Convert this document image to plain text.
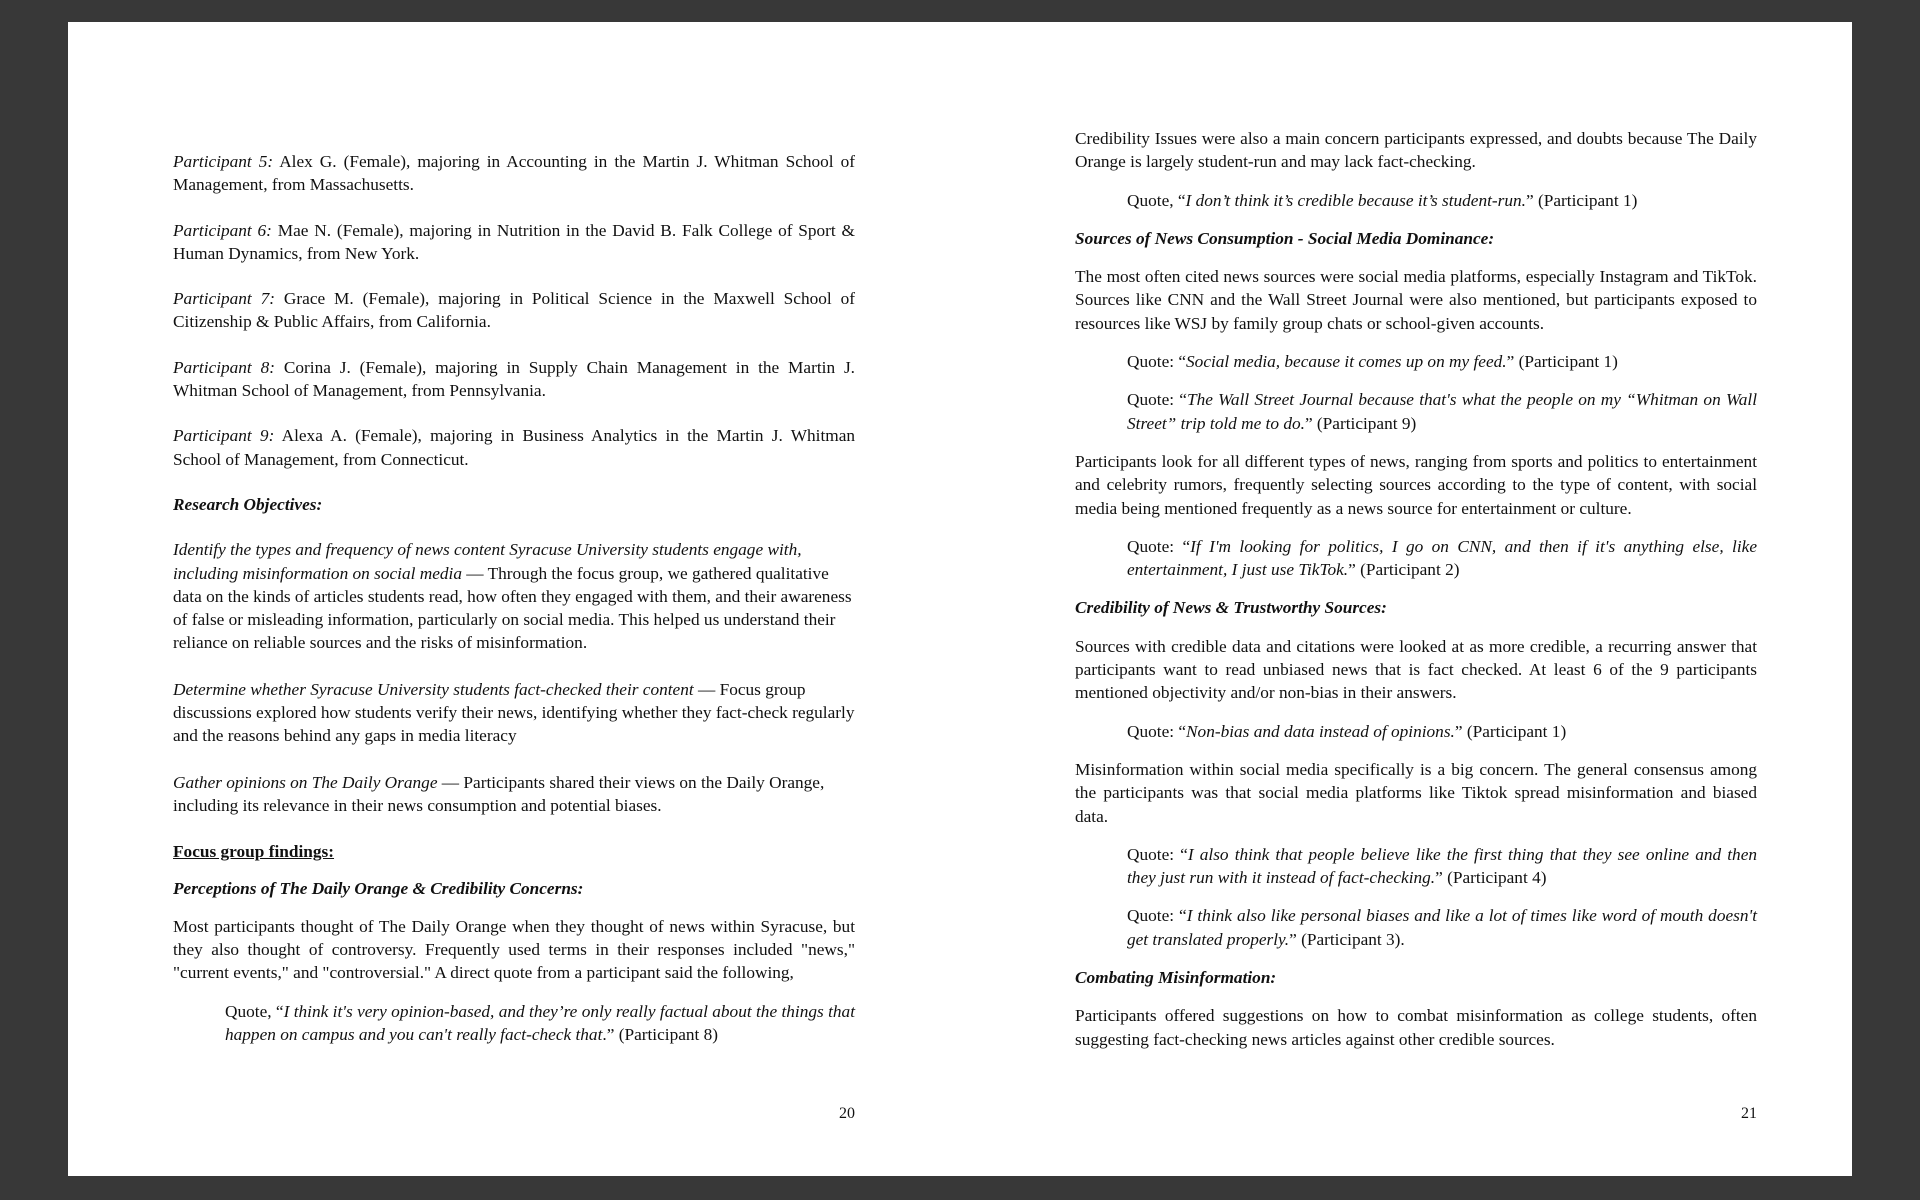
Participant 5: Alex G. (Female), majoring in Accounting in the Martin J. Whitman School of Management, from Massachusetts.

Participant 6: Mae N. (Female), majoring in Nutrition in the David B. Falk College of Sport & Human Dynamics, from New York.

Participant 7: Grace M. (Female), majoring in Political Science in the Maxwell School of Citizenship & Public Affairs, from California.

Participant 8: Corina J. (Female), majoring in Supply Chain Management in the Martin J. Whitman School of Management, from Pennsylvania.

Participant 9: Alexa A. (Female), majoring in Business Analytics in the Martin J. Whitman School of Management, from Connecticut.

Research Objectives:

Identify the types and frequency of news content Syracuse University students engage with, including misinformation on social media — Through the focus group, we gathered qualitative data on the kinds of articles students read, how often they engaged with them, and their awareness of false or misleading information, particularly on social media. This helped us understand their reliance on reliable sources and the risks of misinformation.

Determine whether Syracuse University students fact-checked their content — Focus group discussions explored how students verify their news, identifying whether they fact-check regularly and the reasons behind any gaps in media literacy

Gather opinions on The Daily Orange — Participants shared their views on the Daily Orange, including its relevance in their news consumption and potential biases.

Focus group findings:

Perceptions of The Daily Orange & Credibility Concerns:

Most participants thought of The Daily Orange when they thought of news within Syracuse, but they also thought of controversy. Frequently used terms in their responses included "news," "current events," and "controversial." A direct quote from a participant said the following,

Quote, “I think it's very opinion-based, and they’re only really factual about the things that happen on campus and you can't really fact-check that.” (Participant 8)

20

Credibility Issues were also a main concern participants expressed, and doubts because The Daily Orange is largely student-run and may lack fact-checking.

Quote, “I don’t think it’s credible because it’s student-run.” (Participant 1)

Sources of News Consumption - Social Media Dominance:

The most often cited news sources were social media platforms, especially Instagram and TikTok. Sources like CNN and the Wall Street Journal were also mentioned, but participants exposed to resources like WSJ by family group chats or school-given accounts.

Quote: “Social media, because it comes up on my feed.” (Participant 1)

Quote: “The Wall Street Journal because that's what the people on my “Whitman on Wall Street” trip told me to do.” (Participant 9)

Participants look for all different types of news, ranging from sports and politics to entertainment and celebrity rumors, frequently selecting sources according to the type of content, with social media being mentioned frequently as a news source for entertainment or culture.

Quote: “If I'm looking for politics, I go on CNN, and then if it's anything else, like entertainment, I just use TikTok.” (Participant 2)

Credibility of News & Trustworthy Sources:

Sources with credible data and citations were looked at as more credible, a recurring answer that participants want to read unbiased news that is fact checked. At least 6 of the 9 participants mentioned objectivity and/or non-bias in their answers.

Quote: “Non-bias and data instead of opinions.” (Participant 1)

Misinformation within social media specifically is a big concern. The general consensus among the participants was that social media platforms like Tiktok spread misinformation and biased data.

Quote: “I also think that people believe like the first thing that they see online and then they just run with it instead of fact-checking.” (Participant 4)

Quote: “I think also like personal biases and like a lot of times like word of mouth doesn't get translated properly.” (Participant 3).

Combating Misinformation:

Participants offered suggestions on how to combat misinformation as college students, often suggesting fact-checking news articles against other credible sources.

21
